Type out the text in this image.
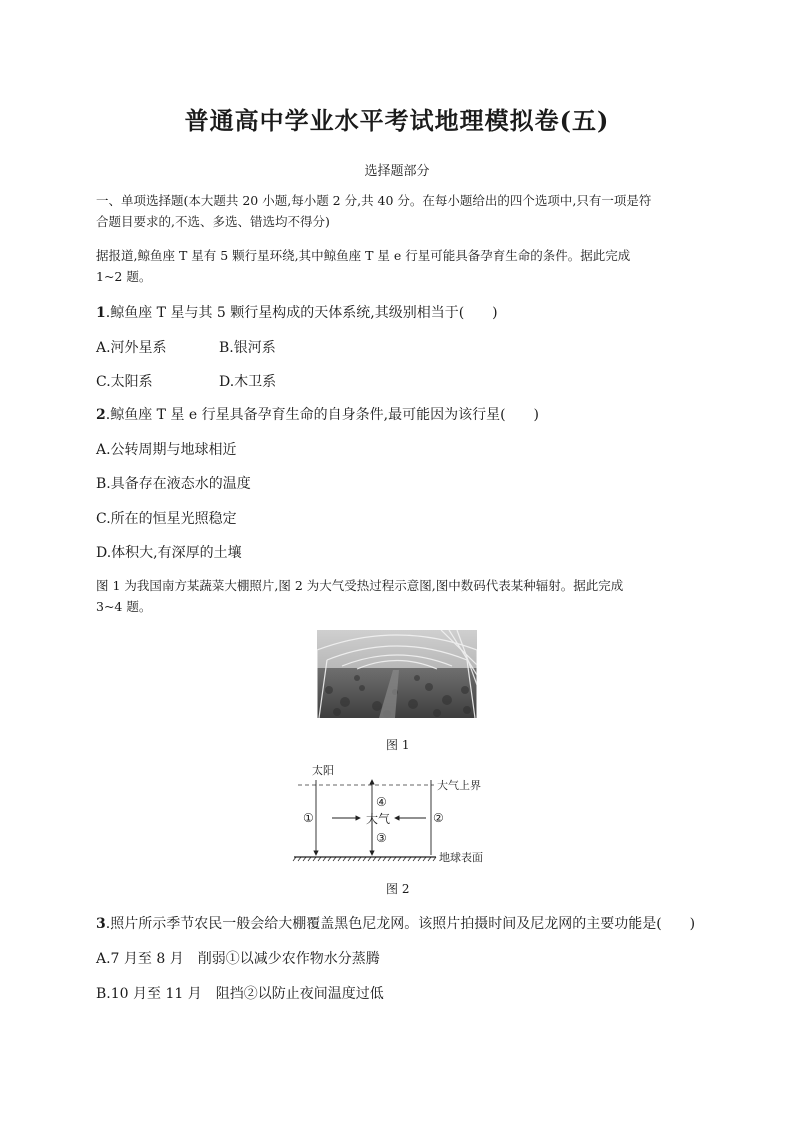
普通高中学业水平考试地理模拟卷(五)
选择题部分
一、单项选择题(本大题共 20 小题,每小题 2 分,共 40 分。在每小题给出的四个选项中,只有一项是符
合题目要求的,不选、多选、错选均不得分)
据报道,鲸鱼座 T 星有 5 颗行星环绕,其中鲸鱼座 T 星 e 行星可能具备孕育生命的条件。据此完成
1~2 题。
1.鲸鱼座 T 星与其 5 颗行星构成的天体系统,其级别相当于(　　)
A.河外星系	B.银河系
C.太阳系	D.木卫系
2.鲸鱼座 T 星 e 行星具备孕育生命的自身条件,最可能因为该行星(　　)
A.公转周期与地球相近
B.具备存在液态水的温度
C.所在的恒星光照稳定
D.体积大,有深厚的土壤
图 1 为我国南方某蔬菜大棚照片,图 2 为大气受热过程示意图,图中数码代表某种辐射。据此完成
3~4 题。
图 1
太阳
大气上界
地球表面
大气
①	②
③
④
图 2
3.照片所示季节农民一般会给大棚覆盖黑色尼龙网。该照片拍摄时间及尼龙网的主要功能是(　　)
A.7 月至 8 月　削弱①以减少农作物水分蒸腾
B.10 月至 11 月　阻挡②以防止夜间温度过低
